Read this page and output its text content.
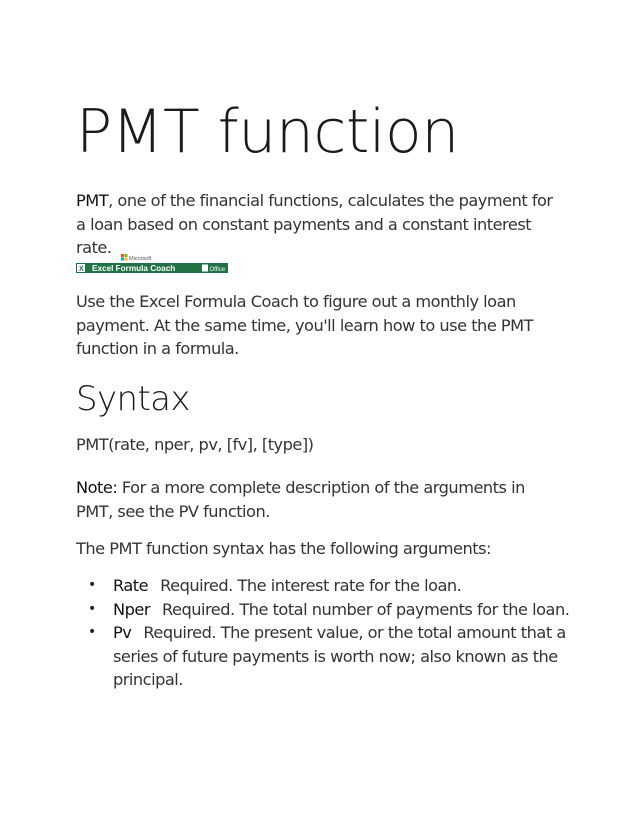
PMT function

PMT, one of the financial functions, calculates the payment for a loan based on constant payments and a constant interest rate.

Microsoft
X Excel Formula Coach	Office

Use the Excel Formula Coach to figure out a monthly loan payment. At the same time, you'll learn how to use the PMT function in a formula.

Syntax

PMT(rate, nper, pv, [fv], [type])

Note: For a more complete description of the arguments in PMT, see the PV function.

The PMT function syntax has the following arguments:

• Rate Required. The interest rate for the loan.
• Nper Required. The total number of payments for the loan.
• Pv Required. The present value, or the total amount that a series of future payments is worth now; also known as the principal.
